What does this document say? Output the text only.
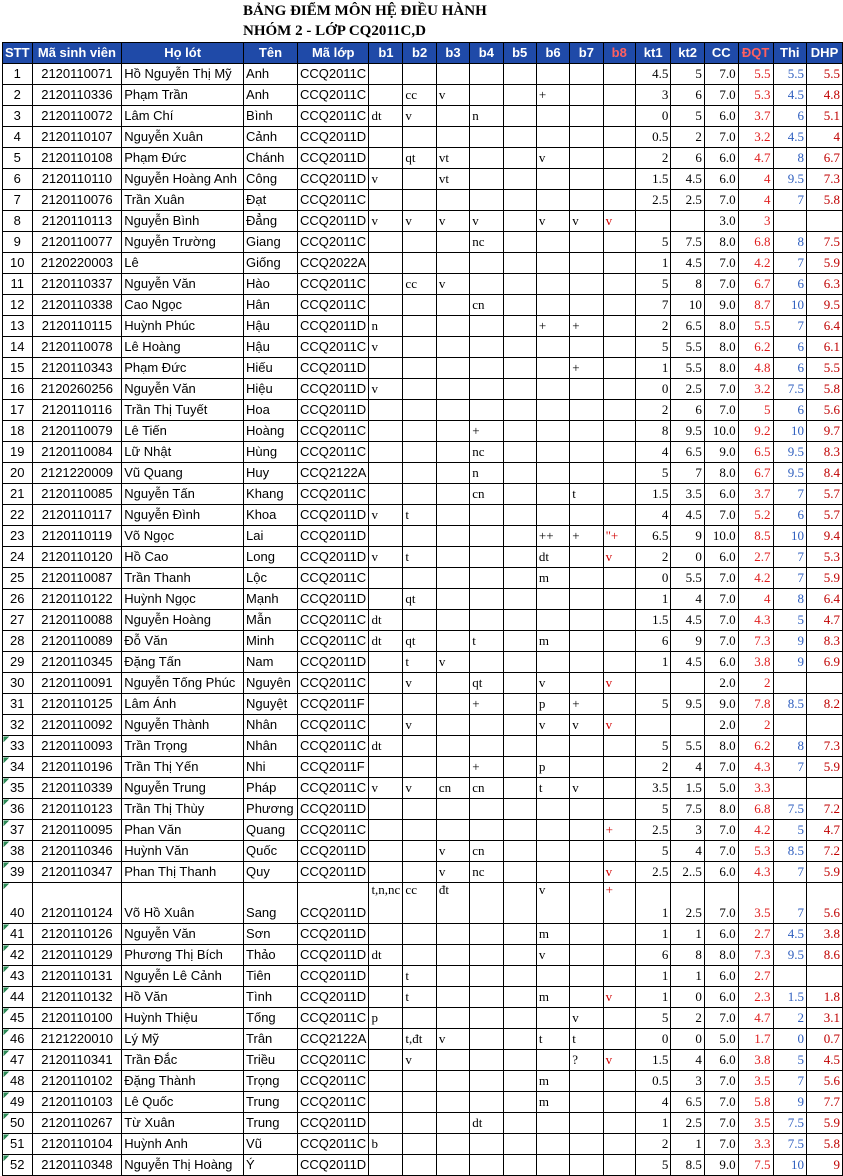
BẢNG ĐIỂM MÔN HỆ ĐIỀU HÀNH
NHÓM 2 - LỚP CQ2011C,D
STT	Mã sinh viên	Họ lót	Tên	Mã lớp	b1	b2	b3	b4	b5	b6	b7	b8	kt1	kt2	CC	ĐQT	Thi	DHP
1	2120110071	Hồ Nguyễn Thị Mỹ	Anh	CCQ2011C									4.5	5	7.0	5.5	5.5	5.5
2	2120110336	Phạm Trần	Anh	CCQ2011C		cc	v			+			3	6	7.0	5.3	4.5	4.8
3	2120110072	Lâm Chí	Bình	CCQ2011C	dt	v		n					0	5	6.0	3.7	6	5.1
4	2120110107	Nguyễn Xuân	Cảnh	CCQ2011D									0.5	2	7.0	3.2	4.5	4
5	2120110108	Phạm Đức	Chánh	CCQ2011D		qt	vt			v			2	6	6.0	4.7	8	6.7
6	2120110110	Nguyễn Hoàng Anh	Công	CCQ2011D	v		vt						1.5	4.5	6.0	4	9.5	7.3
7	2120110076	Trần Xuân	Đạt	CCQ2011C									2.5	2.5	7.0	4	7	5.8
8	2120110113	Nguyễn Bình	Đẳng	CCQ2011D	v	v	v	v		v	v	v			3.0	3		
9	2120110077	Nguyễn Trường	Giang	CCQ2011C				nc					5	7.5	8.0	6.8	8	7.5
10	2120220003	Lê	Giống	CCQ2022A									1	4.5	7.0	4.2	7	5.9
11	2120110337	Nguyễn Văn	Hào	CCQ2011C		cc	v						5	8	7.0	6.7	6	6.3
12	2120110338	Cao Ngọc	Hân	CCQ2011C				cn					7	10	9.0	8.7	10	9.5
13	2120110115	Huỳnh Phúc	Hậu	CCQ2011D	n					+	+		2	6.5	8.0	5.5	7	6.4
14	2120110078	Lê Hoàng	Hậu	CCQ2011C	v								5	5.5	8.0	6.2	6	6.1
15	2120110343	Phạm Đức	Hiếu	CCQ2011D							+		1	5.5	8.0	4.8	6	5.5
16	2120260256	Nguyễn Văn	Hiệu	CCQ2011D	v								0	2.5	7.0	3.2	7.5	5.8
17	2120110116	Trần Thị Tuyết	Hoa	CCQ2011D									2	6	7.0	5	6	5.6
18	2120110079	Lê Tiến	Hoàng	CCQ2011C				+					8	9.5	10.0	9.2	10	9.7
19	2120110084	Lữ Nhật	Hùng	CCQ2011C				nc					4	6.5	9.0	6.5	9.5	8.3
20	2121220009	Vũ Quang	Huy	CCQ2122A				n					5	7	8.0	6.7	9.5	8.4
21	2120110085	Nguyễn Tấn	Khang	CCQ2011C				cn			t		1.5	3.5	6.0	3.7	7	5.7
22	2120110117	Nguyễn Đình	Khoa	CCQ2011D	v	t							4	4.5	7.0	5.2	6	5.7
23	2120110119	Võ Ngọc	Lai	CCQ2011D						++	+	"+	6.5	9	10.0	8.5	10	9.4
24	2120110120	Hồ Cao	Long	CCQ2011D	v	t				dt		v	2	0	6.0	2.7	7	5.3
25	2120110087	Trần Thanh	Lộc	CCQ2011C						m			0	5.5	7.0	4.2	7	5.9
26	2120110122	Huỳnh Ngọc	Mạnh	CCQ2011D		qt							1	4	7.0	4	8	6.4
27	2120110088	Nguyễn Hoàng	Mẫn	CCQ2011C	dt								1.5	4.5	7.0	4.3	5	4.7
28	2120110089	Đỗ Văn	Minh	CCQ2011C	dt	qt		t		m			6	9	7.0	7.3	9	8.3
29	2120110345	Đặng Tấn	Nam	CCQ2011D		t	v						1	4.5	6.0	3.8	9	6.9
30	2120110091	Nguyễn Tống Phúc	Nguyên	CCQ2011C		v		qt		v		v			2.0	2		
31	2120110125	Lâm Ánh	Nguyệt	CCQ2011F				+		p	+		5	9.5	9.0	7.8	8.5	8.2
32	2120110092	Nguyễn Thành	Nhân	CCQ2011C		v				v	v	v			2.0	2		
33	2120110093	Trần Trọng	Nhân	CCQ2011C	dt								5	5.5	8.0	6.2	8	7.3
34	2120110196	Trần Thị Yến	Nhi	CCQ2011F				+		p			2	4	7.0	4.3	7	5.9
35	2120110339	Nguyễn Trung	Pháp	CCQ2011C	v	v	cn	cn		t	v		3.5	1.5	5.0	3.3		
36	2120110123	Trần Thị Thùy	Phương	CCQ2011D									5	7.5	8.0	6.8	7.5	7.2
37	2120110095	Phan Văn	Quang	CCQ2011C								+	2.5	3	7.0	4.2	5	4.7
38	2120110346	Huỳnh Văn	Quốc	CCQ2011D			v	cn					5	4	7.0	5.3	8.5	7.2
39	2120110347	Phan Thị Thanh	Quy	CCQ2011D			v	nc				v	2.5	2..5	6.0	4.3	7	5.9
40	2120110124	Võ Hồ Xuân	Sang	CCQ2011D	t,n,nc	cc	đt			v		+	1	2.5	7.0	3.5	7	5.6
41	2120110126	Nguyễn Văn	Sơn	CCQ2011D						m			1	1	6.0	2.7	4.5	3.8
42	2120110129	Phương Thị Bích	Thảo	CCQ2011D	dt					v			6	8	8.0	7.3	9.5	8.6
43	2120110131	Nguyễn Lê Cảnh	Tiên	CCQ2011D		t							1	1	6.0	2.7		
44	2120110132	Hồ Văn	Tình	CCQ2011D		t				m		v	1	0	6.0	2.3	1.5	1.8
45	2120110100	Huỳnh Thiệu	Tống	CCQ2011C	p						v		5	2	7.0	4.7	2	3.1
46	2121220010	Lý Mỹ	Trân	CCQ2122A		t,đt	v			t	t		0	0	5.0	1.7	0	0.7
47	2120110341	Trần Đắc	Triều	CCQ2011C		v					?	v	1.5	4	6.0	3.8	5	4.5
48	2120110102	Đặng Thành	Trọng	CCQ2011C						m			0.5	3	7.0	3.5	7	5.6
49	2120110103	Lê Quốc	Trung	CCQ2011C						m			4	6.5	7.0	5.8	9	7.7
50	2120110267	Từ Xuân	Trung	CCQ2011D				dt					1	2.5	7.0	3.5	7.5	5.9
51	2120110104	Huỳnh Anh	Vũ	CCQ2011C	b								2	1	7.0	3.3	7.5	5.8
52	2120110348	Nguyễn Thị Hoàng	Ý	CCQ2011D									5	8.5	9.0	7.5	10	9
